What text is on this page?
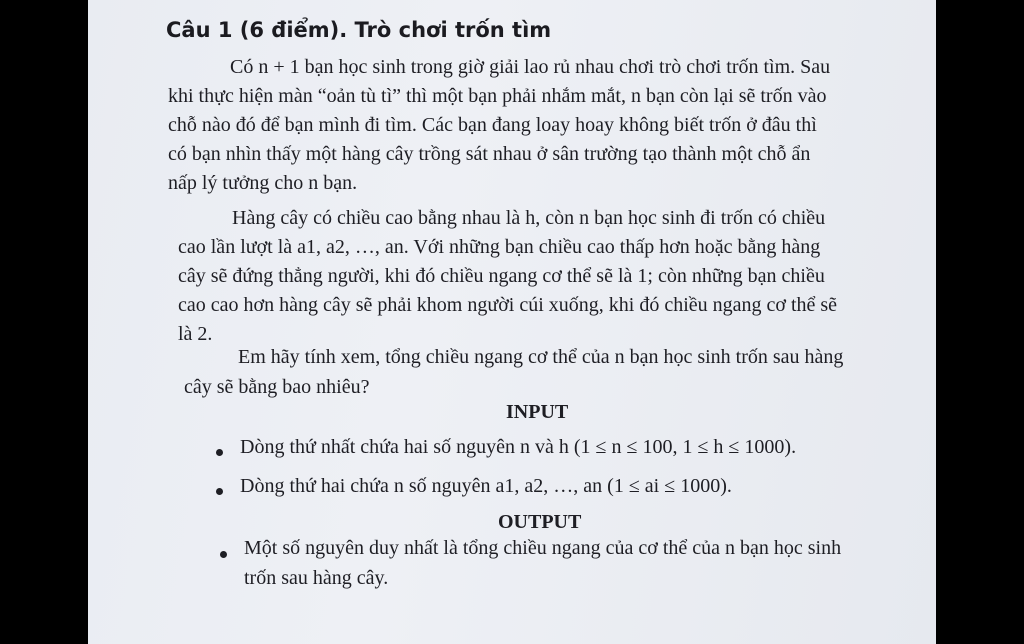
Câu 1 (6 điểm). Trò chơi trốn tìm
Có n + 1 bạn học sinh trong giờ giải lao rủ nhau chơi trò chơi trốn tìm. Sau
khi thực hiện màn “oản tù tì” thì một bạn phải nhắm mắt, n bạn còn lại sẽ trốn vào
chỗ nào đó để bạn mình đi tìm. Các bạn đang loay hoay không biết trốn ở đâu thì
có bạn nhìn thấy một hàng cây trồng sát nhau ở sân trường tạo thành một chỗ ẩn
nấp lý tưởng cho n bạn.
Hàng cây có chiều cao bằng nhau là h, còn n bạn học sinh đi trốn có chiều
cao lần lượt là a1, a2, …, an. Với những bạn chiều cao thấp hơn hoặc bằng hàng
cây sẽ đứng thẳng người, khi đó chiều ngang cơ thể sẽ là 1; còn những bạn chiều
cao cao hơn hàng cây sẽ phải khom người cúi xuống, khi đó chiều ngang cơ thể sẽ
là 2.
Em hãy tính xem, tổng chiều ngang cơ thể của n bạn học sinh trốn sau hàng
cây sẽ bằng bao nhiêu?
INPUT
Dòng thứ nhất chứa hai số nguyên n và h (1 ≤ n ≤ 100, 1 ≤ h ≤ 1000).
Dòng thứ hai chứa n số nguyên a1, a2, …, an (1 ≤ ai ≤ 1000).
OUTPUT
Một số nguyên duy nhất là tổng chiều ngang của cơ thể của n bạn học sinh
trốn sau hàng cây.
